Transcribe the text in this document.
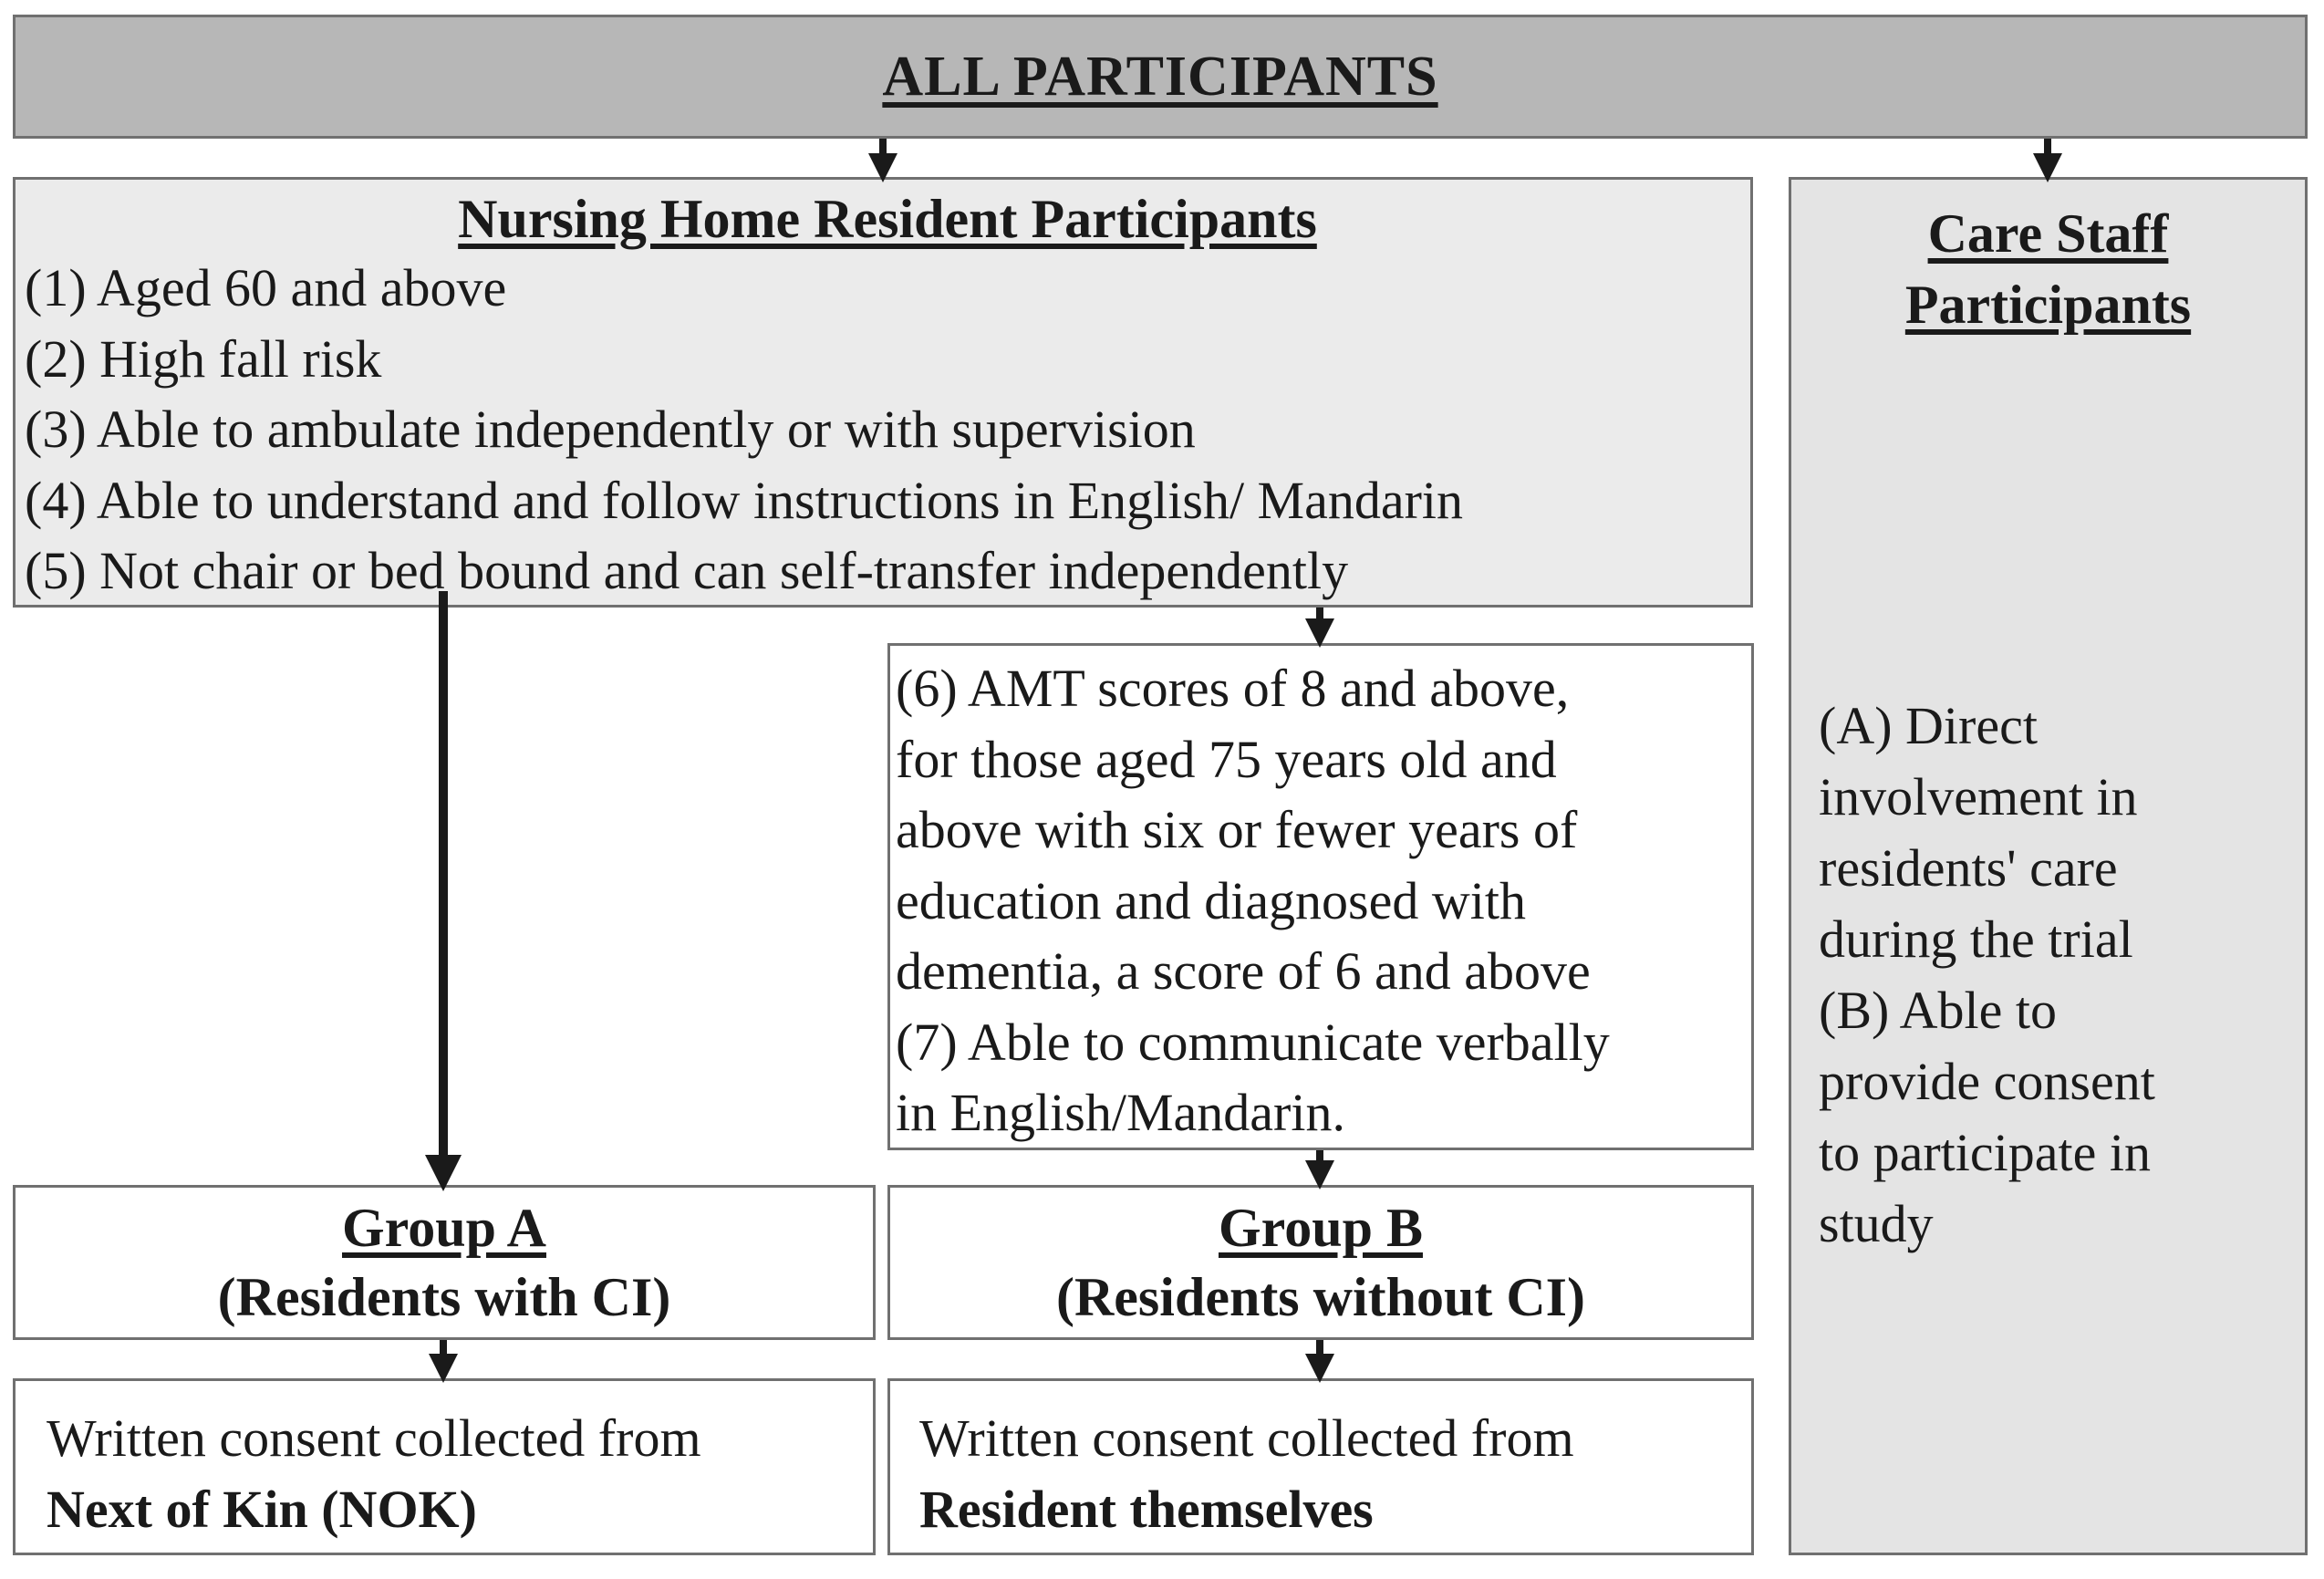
ALL PARTICIPANTS
Nursing Home Resident Participants
(1) Aged 60 and above
(2) High fall risk
(3) Able to ambulate independently or with supervision
(4) Able to understand and follow instructions in English/ Mandarin
(5) Not chair or bed bound and can self-transfer independently
Care Staff
Participants
(A) Direct
involvement in
residents' care
during the trial
(B) Able to
provide consent
to participate in
study
(6) AMT scores of 8 and above,
for those aged 75 years old and
above with six or fewer years of
education and diagnosed with
dementia, a score of 6 and above
(7) Able to communicate verbally
in English/Mandarin.
Group A
(Residents with CI)
Group B
(Residents without CI)
Written consent collected from
Next of Kin (NOK)
Written consent collected from
Resident themselves
